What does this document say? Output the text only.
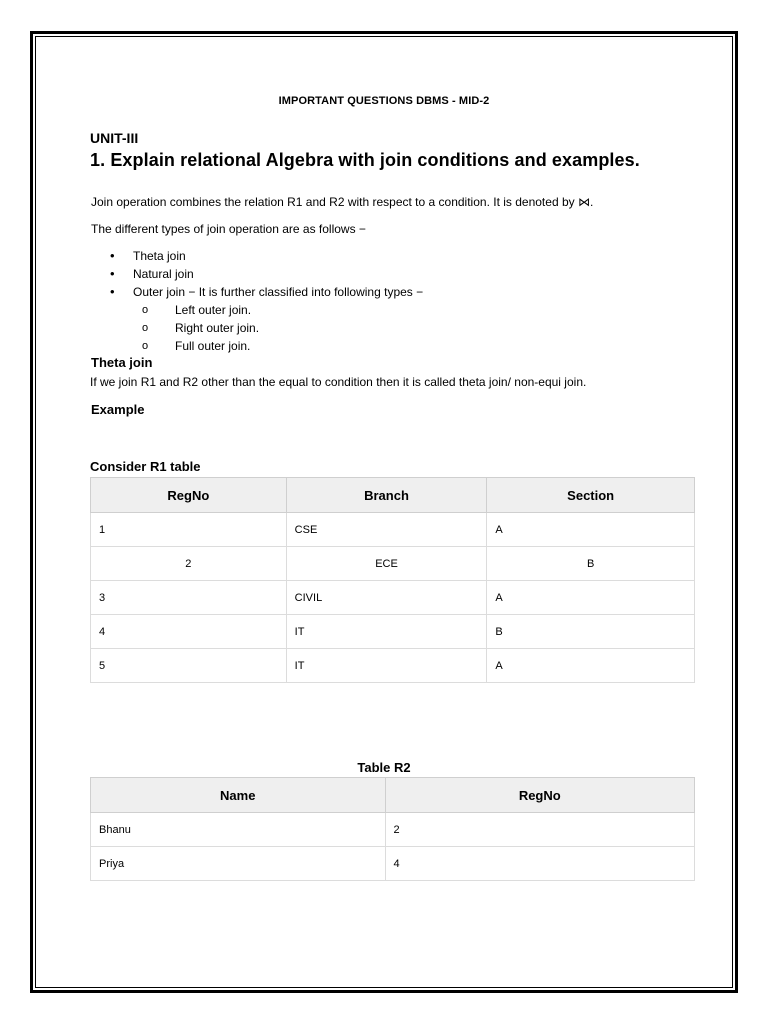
IMPORTANT QUESTIONS DBMS - MID-2
UNIT-III
1. Explain relational Algebra with join conditions and examples.
Join operation combines the relation R1 and R2 with respect to a condition. It is denoted by ⋈.
The different types of join operation are as follows −
• Theta join
• Natural join
• Outer join − It is further classified into following types −
o Left outer join.
o Right outer join.
o Full outer join.
Theta join
If we join R1 and R2 other than the equal to condition then it is called theta join/ non-equi join.
Example
Consider R1 table
RegNo	Branch	Section
1	CSE	A
2	ECE	B
3	CIVIL	A
4	IT	B
5	IT	A
Table R2
Name	RegNo
Bhanu	2
Priya	4
